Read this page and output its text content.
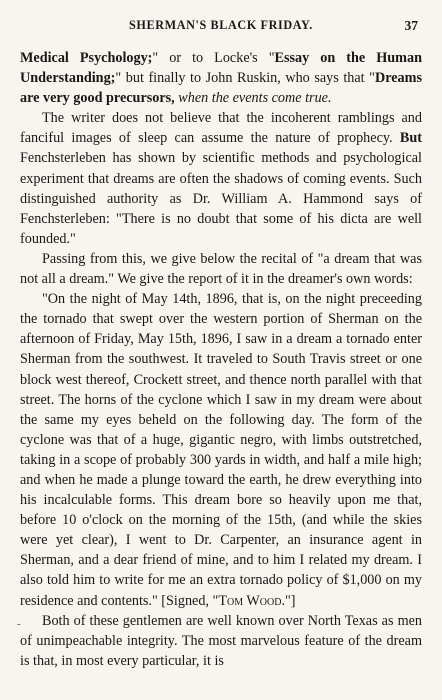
SHERMAN'S BLACK FRIDAY.	37

Medical Psychology;" or to Locke's "Essay on the Human Understanding;" but finally to John Ruskin, who says that "Dreams are very good precursors, when the events come true.

The writer does not believe that the incoherent ramblings and fanciful images of sleep can assume the nature of prophecy. But Fenchsterleben has shown by scientific methods and psychological experiment that dreams are often the shadows of coming events. Such distinguished authority as Dr. William A. Hammond says of Fenchsterleben: "There is no doubt that some of his dicta are well founded."

Passing from this, we give below the recital of "a dream that was not all a dream." We give the report of it in the dreamer's own words:

"On the night of May 14th, 1896, that is, on the night preceeding the tornado that swept over the western portion of Sherman on the afternoon of Friday, May 15th, 1896, I saw in a dream a tornado enter Sherman from the southwest. It traveled to South Travis street or one block west thereof, Crockett street, and thence north parallel with that street. The horns of the cyclone which I saw in my dream were about the same my eyes beheld on the following day. The form of the cyclone was that of a huge, gigantic negro, with limbs outstretched, taking in a scope of probably 300 yards in width, and half a mile high; and when he made a plunge toward the earth, he drew everything into his incalculable forms. This dream bore so heavily upon me that, before 10 o'clock on the morning of the 15th, (and while the skies were yet clear), I went to Dr. Carpenter, an insurance agent in Sherman, and a dear friend of mine, and to him I related my dream. I also told him to write for me an extra tornado policy of $1,000 on my residence and contents." [Signed, "Tom Wood."]

Both of these gentlemen are well known over North Texas as men of unimpeachable integrity. The most marvelous feature of the dream is that, in most every particular, it is

-
